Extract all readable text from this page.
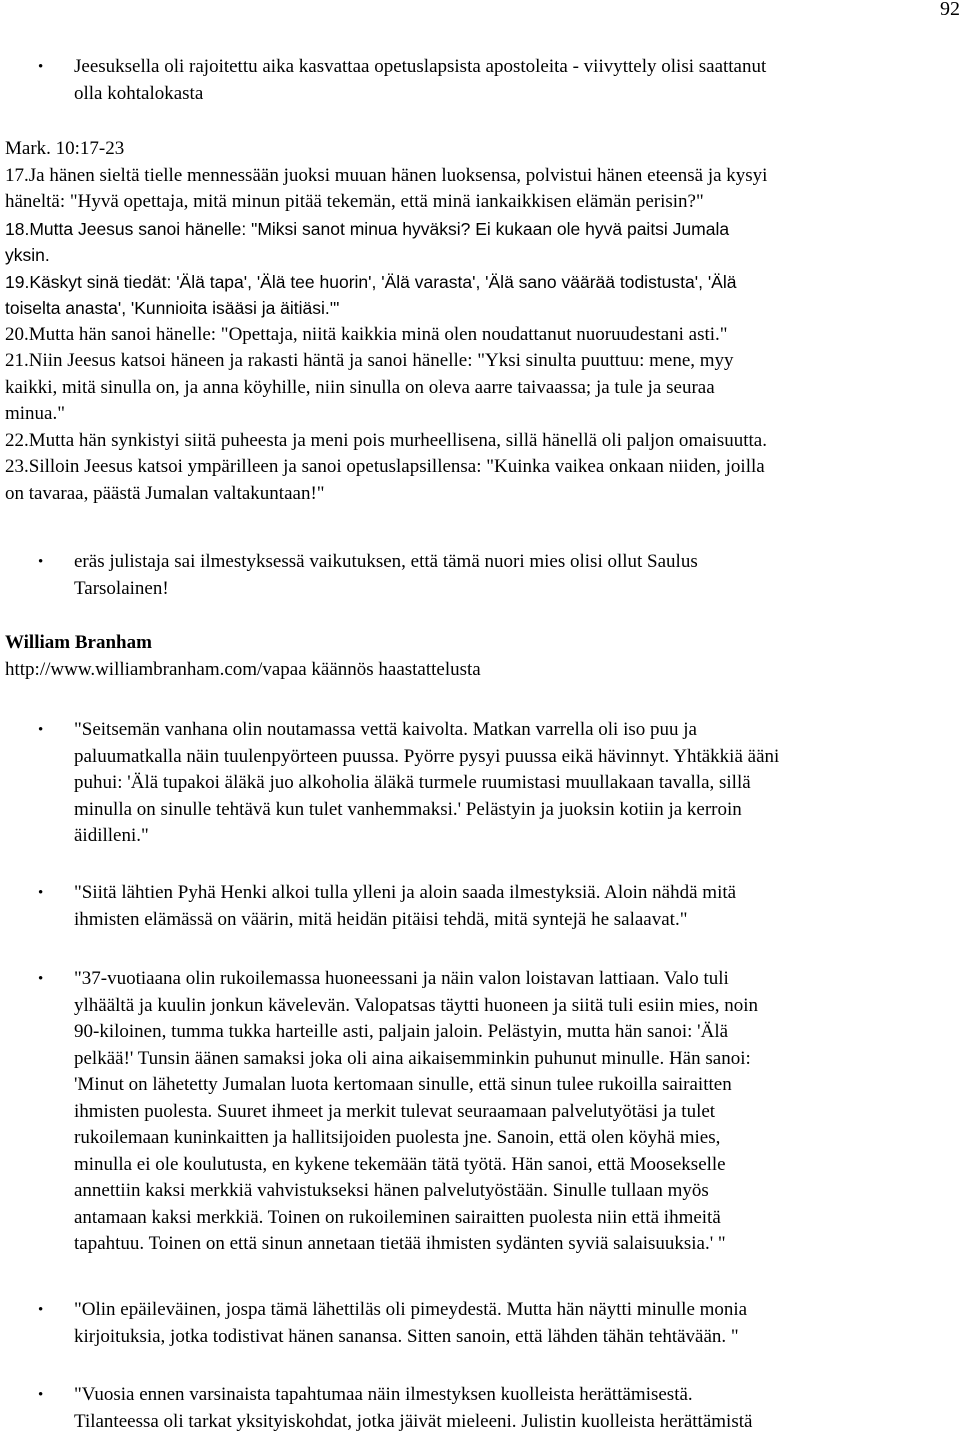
92
• Jeesuksella oli rajoitettu aika kasvattaa opetuslapsista apostoleita - viivyttely olisi saattanut
olla kohtalokasta
Mark. 10:17-23
17.Ja hänen sieltä tielle mennessään juoksi muuan hänen luoksensa, polvistui hänen eteensä ja kysyi
häneltä: "Hyvä opettaja, mitä minun pitää tekemän, että minä iankaikkisen elämän perisin?"
18.Mutta Jeesus sanoi hänelle: "Miksi sanot minua hyväksi? Ei kukaan ole hyvä paitsi Jumala
yksin.
19.Käskyt sinä tiedät: 'Älä tapa', 'Älä tee huorin', 'Älä varasta', 'Älä sano väärää todistusta', 'Älä
toiselta anasta', 'Kunnioita isääsi ja äitiäsi.'"
20.Mutta hän sanoi hänelle: "Opettaja, niitä kaikkia minä olen noudattanut nuoruudestani asti."
21.Niin Jeesus katsoi häneen ja rakasti häntä ja sanoi hänelle: "Yksi sinulta puuttuu: mene, myy
kaikki, mitä sinulla on, ja anna köyhille, niin sinulla on oleva aarre taivaassa; ja tule ja seuraa
minua."
22.Mutta hän synkistyi siitä puheesta ja meni pois murheellisena, sillä hänellä oli paljon omaisuutta.
23.Silloin Jeesus katsoi ympärilleen ja sanoi opetuslapsillensa: "Kuinka vaikea onkaan niiden, joilla
on tavaraa, päästä Jumalan valtakuntaan!"
• eräs julistaja sai ilmestyksessä vaikutuksen, että tämä nuori mies olisi ollut Saulus
Tarsolainen!
William Branham
http://www.williambranham.com/vapaa käännös haastattelusta
• "Seitsemän vanhana olin noutamassa vettä kaivolta. Matkan varrella oli iso puu ja
paluumatkalla näin tuulenpyörteen puussa. Pyörre pysyi puussa eikä hävinnyt. Yhtäkkiä ääni
puhui: 'Älä tupakoi äläkä juo alkoholia äläkä turmele ruumistasi muullakaan tavalla, sillä
minulla on sinulle tehtävä kun tulet vanhemmaksi.' Pelästyin ja juoksin kotiin ja kerroin
äidilleni."
• "Siitä lähtien Pyhä Henki alkoi tulla ylleni ja aloin saada ilmestyksiä. Aloin nähdä mitä
ihmisten elämässä on väärin, mitä heidän pitäisi tehdä, mitä syntejä he salaavat."
• "37-vuotiaana olin rukoilemassa huoneessani ja näin valon loistavan lattiaan. Valo tuli
ylhäältä ja kuulin jonkun kävelevän. Valopatsas täytti huoneen ja siitä tuli esiin mies, noin
90-kiloinen, tumma tukka harteille asti, paljain jaloin. Pelästyin, mutta hän sanoi: 'Älä
pelkää!' Tunsin äänen samaksi joka oli aina aikaisemminkin puhunut minulle. Hän sanoi:
'Minut on lähetetty Jumalan luota kertomaan sinulle, että sinun tulee rukoilla sairaitten
ihmisten puolesta. Suuret ihmeet ja merkit tulevat seuraamaan palvelutyötäsi ja tulet
rukoilemaan kuninkaitten ja hallitsijoiden puolesta jne. Sanoin, että olen köyhä mies,
minulla ei ole koulutusta, en kykene tekemään tätä työtä. Hän sanoi, että Moosekselle
annettiin kaksi merkkiä vahvistukseksi hänen palvelutyöstään. Sinulle tullaan myös
antamaan kaksi merkkiä. Toinen on rukoileminen sairaitten puolesta niin että ihmeitä
tapahtuu. Toinen on että sinun annetaan tietää ihmisten sydänten syviä salaisuuksia.' "
• "Olin epäileväinen, jospa tämä lähettiläs oli pimeydestä. Mutta hän näytti minulle monia
kirjoituksia, jotka todistivat hänen sanansa. Sitten sanoin, että lähden tähän tehtävään. "
• "Vuosia ennen varsinaista tapahtumaa näin ilmestyksen kuolleista herättämisestä.
Tilanteessa oli tarkat yksityiskohdat, jotka jäivät mieleeni. Julistin kuolleista herättämistä
